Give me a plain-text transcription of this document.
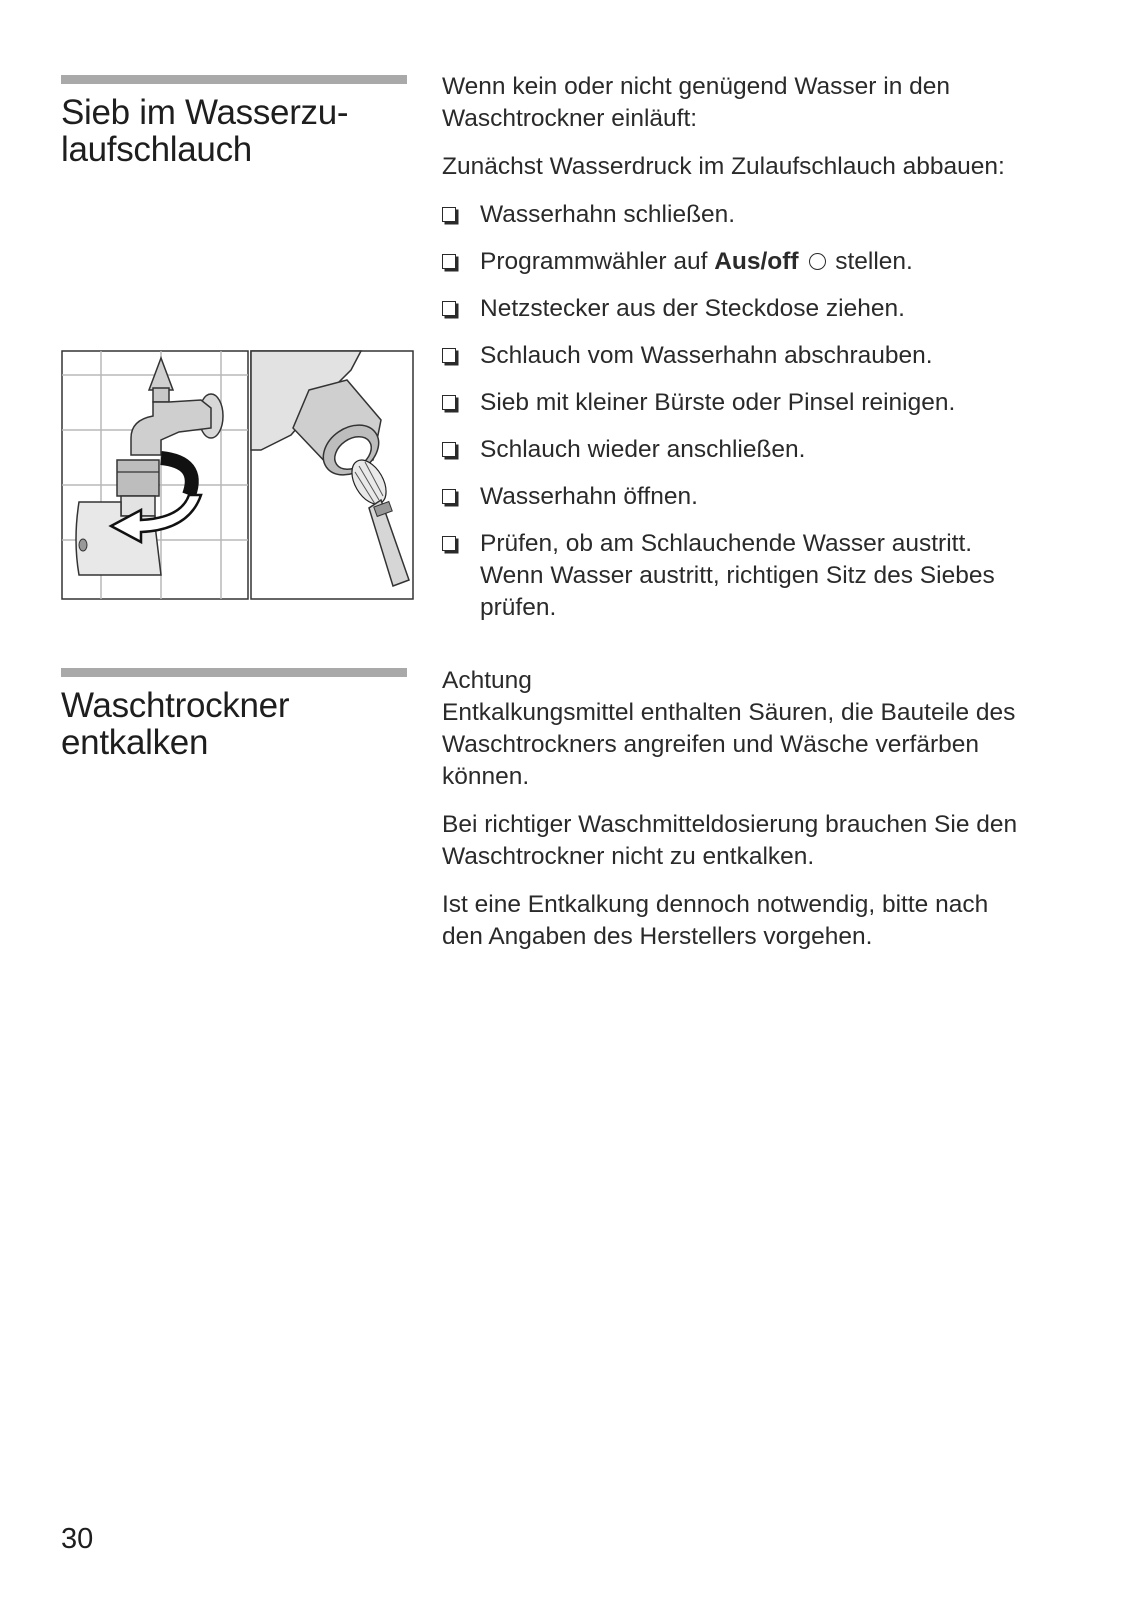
Sieb im Wasserzu-
laufschlauch

Wenn kein oder nicht genügend Wasser in den
Waschtrockner einläuft:

Zunächst Wasserdruck im Zulaufschlauch abbauen:

Wasserhahn schließen.
Programmwähler auf Aus/off stellen.
Netzstecker aus der Steckdose ziehen.
Schlauch vom Wasserhahn abschrauben.
Sieb mit kleiner Bürste oder Pinsel reinigen.
Schlauch wieder anschließen.
Wasserhahn öffnen.
Prüfen, ob am Schlauchende Wasser austritt.
Wenn Wasser austritt, richtigen Sitz des Siebes
prüfen.
Waschtrockner
entkalken

Achtung

Entkalkungsmittel enthalten Säuren, die Bauteile des
Waschtrockners angreifen und Wäsche verfärben
können.

Bei richtiger Waschmitteldosierung brauchen Sie den
Waschtrockner nicht zu entkalken.

Ist eine Entkalkung dennoch notwendig, bitte nach
den Angaben des Herstellers vorgehen.

30
